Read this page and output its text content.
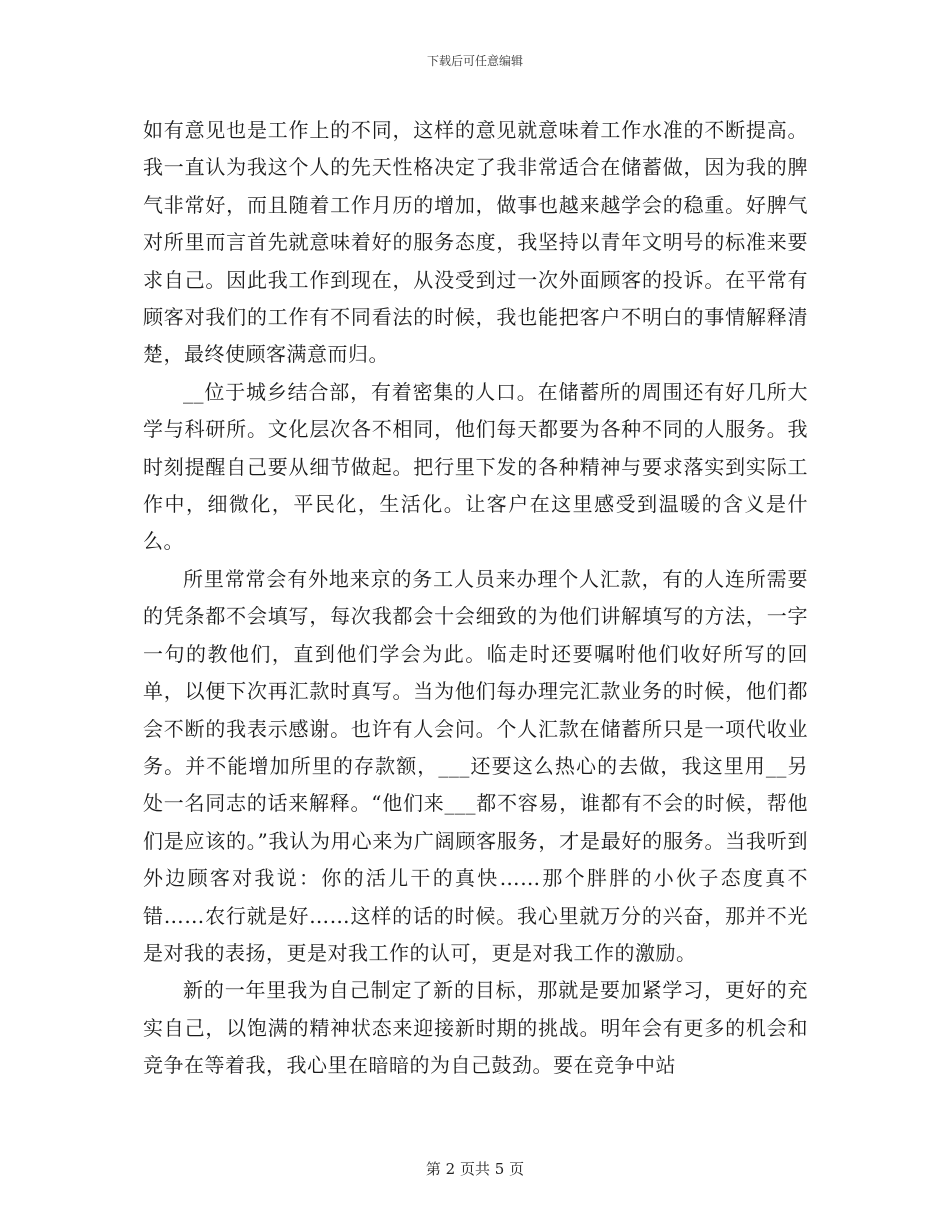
下载后可任意编辑

如有意见也是工作上的不同，这样的意见就意味着工作水准的不断提高。我一直认为我这个人的先天性格决定了我非常适合在储蓄做，因为我的脾气非常好，而且随着工作月历的增加，做事也越来越学会的稳重。好脾气对所里而言首先就意味着好的服务态度，我坚持以青年文明号的标准来要求自己。因此我工作到现在，从没受到过一次外面顾客的投诉。在平常有顾客对我们的工作有不同看法的时候，我也能把客户不明白的事情解释清楚，最终使顾客满意而归。

__位于城乡结合部，有着密集的人口。在储蓄所的周围还有好几所大学与科研所。文化层次各不相同，他们每天都要为各种不同的人服务。我时刻提醒自己要从细节做起。把行里下发的各种精神与要求落实到实际工作中，细微化，平民化，生活化。让客户在这里感受到温暖的含义是什么。

所里常常会有外地来京的务工人员来办理个人汇款，有的人连所需要的凭条都不会填写，每次我都会十会细致的为他们讲解填写的方法，一字一句的教他们，直到他们学会为此。临走时还要嘱咐他们收好所写的回单，以便下次再汇款时真写。当为他们每办理完汇款业务的时候，他们都会不断的我表示感谢。也许有人会问。个人汇款在储蓄所只是一项代收业务。并不能增加所里的存款额，___还要这么热心的去做，我这里用__另处一名同志的话来解释。“他们来___都不容易，谁都有不会的时候，帮他们是应该的。”我认为用心来为广阔顾客服务，才是最好的服务。当我听到外边顾客对我说：你的活儿干的真快……那个胖胖的小伙子态度真不错……农行就是好……这样的话的时候。我心里就万分的兴奋，那并不光是对我的表扬，更是对我工作的认可，更是对我工作的激励。

新的一年里我为自己制定了新的目标，那就是要加紧学习，更好的充实自己，以饱满的精神状态来迎接新时期的挑战。明年会有更多的机会和竞争在等着我，我心里在暗暗的为自己鼓劲。要在竞争中站

第 2 页共 5 页
